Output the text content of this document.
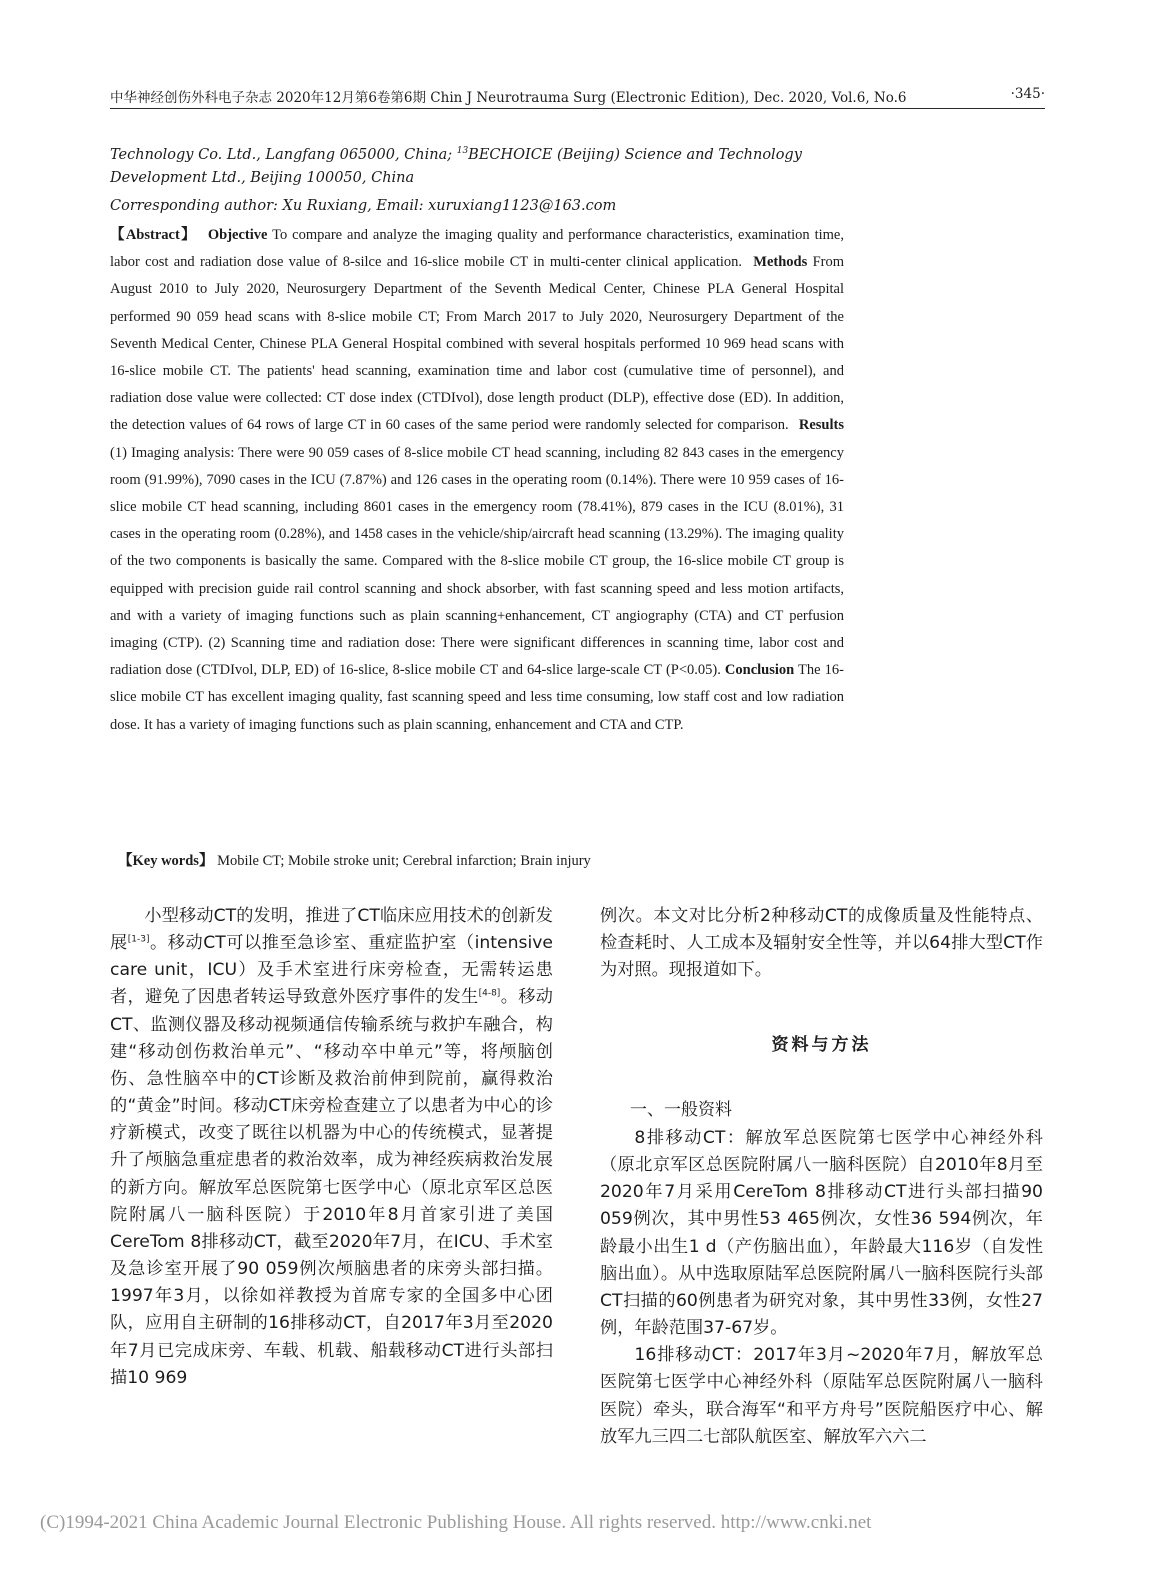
中华神经创伤外科电子杂志 2020年12月第6卷第6期 Chin J Neurotrauma Surg (Electronic Edition), Dec. 2020, Vol.6, No.6	·345·
Technology Co. Ltd., Langfang 065000, China; $^{13}$BECHOICE (Beijing) Science and Technology
Development Ltd., Beijing 100050, China
Corresponding author: Xu Ruxiang, Email: xuruxiang1123@163.com
【Abstract】 Objective To compare and analyze the imaging quality and performance characteristics, examination time, labor cost and radiation dose value of 8-silce and 16-slice mobile CT in multi-center clinical application. Methods From August 2010 to July 2020, Neurosurgery Department of the Seventh Medical Center, Chinese PLA General Hospital performed 90 059 head scans with 8-slice mobile CT; From March 2017 to July 2020, Neurosurgery Department of the Seventh Medical Center, Chinese PLA General Hospital combined with several hospitals performed 10 969 head scans with 16-slice mobile CT. The patients' head scanning, examination time and labor cost (cumulative time of personnel), and radiation dose value were collected: CT dose index (CTDIvol), dose length product (DLP), effective dose (ED). In addition, the detection values of 64 rows of large CT in 60 cases of the same period were randomly selected for comparison. Results (1) Imaging analysis: There were 90 059 cases of 8-slice mobile CT head scanning, including 82 843 cases in the emergency room (91.99%), 7090 cases in the ICU (7.87%) and 126 cases in the operating room (0.14%). There were 10 959 cases of 16-slice mobile CT head scanning, including 8601 cases in the emergency room (78.41%), 879 cases in the ICU (8.01%), 31 cases in the operating room (0.28%), and 1458 cases in the vehicle/ship/aircraft head scanning (13.29%). The imaging quality of the two components is basically the same. Compared with the 8-slice mobile CT group, the 16-slice mobile CT group is equipped with precision guide rail control scanning and shock absorber, with fast scanning speed and less motion artifacts, and with a variety of imaging functions such as plain scanning+enhancement, CT angiography (CTA) and CT perfusion imaging (CTP). (2) Scanning time and radiation dose: There were significant differences in scanning time, labor cost and radiation dose (CTDIvol, DLP, ED) of 16-slice, 8-slice mobile CT and 64-slice large-scale CT (P<0.05). Conclusion The 16-slice mobile CT has excellent imaging quality, fast scanning speed and less time consuming, low staff cost and low radiation dose. It has a variety of imaging functions such as plain scanning, enhancement and CTA and CTP.
【Key words】 Mobile CT; Mobile stroke unit; Cerebral infarction; Brain injury

小型移动CT的发明，推进了CT临床应用技术的创新发展[1-3]。移动CT可以推至急诊室、重症监护室（intensive care unit，ICU）及手术室进行床旁检查，无需转运患者，避免了因患者转运导致意外医疗事件的发生[4-8]。移动CT、监测仪器及移动视频通信传输系统与救护车融合，构建“移动创伤救治单元”、“移动卒中单元”等，将颅脑创伤、急性脑卒中的CT诊断及救治前伸到院前，赢得救治的“黄金”时间。移动CT床旁检查建立了以患者为中心的诊疗新模式，改变了既往以机器为中心的传统模式，显著提升了颅脑急重症患者的救治效率，成为神经疾病救治发展的新方向。解放军总医院第七医学中心（原北京军区总医院附属八一脑科医院）于2010年8月首家引进了美国CereTom 8排移动CT，截至2020年7月，在ICU、手术室及急诊室开展了90 059例次颅脑患者的床旁头部扫描。1997年3月，以徐如祥教授为首席专家的全国多中心团队，应用自主研制的16排移动CT，自2017年3月至2020年7月已完成床旁、车载、机载、船载移动CT进行头部扫描10 969

例次。本文对比分析2种移动CT的成像质量及性能特点、检查耗时、人工成本及辐射安全性等，并以64排大型CT作为对照。现报道如下。

资料与方法
一、一般资料

8排移动CT：解放军总医院第七医学中心神经外科（原北京军区总医院附属八一脑科医院）自2010年8月至2020年7月采用CereTom 8排移动CT进行头部扫描90 059例次，其中男性53 465例次，女性36 594例次，年龄最小出生1 d（产伤脑出血），年龄最大116岁（自发性脑出血）。从中选取原陆军总医院附属八一脑科医院行头部CT扫描的60例患者为研究对象，其中男性33例，女性27例，年龄范围37-67岁。

16排移动CT：2017年3月~2020年7月，解放军总医院第七医学中心神经外科（原陆军总医院附属八一脑科医院）牵头，联合海军“和平方舟号”医院船医疗中心、解放军九三四二七部队航医室、解放军六六二

(C)1994-2021 China Academic Journal Electronic Publishing House. All rights reserved. http://www.cnki.net
